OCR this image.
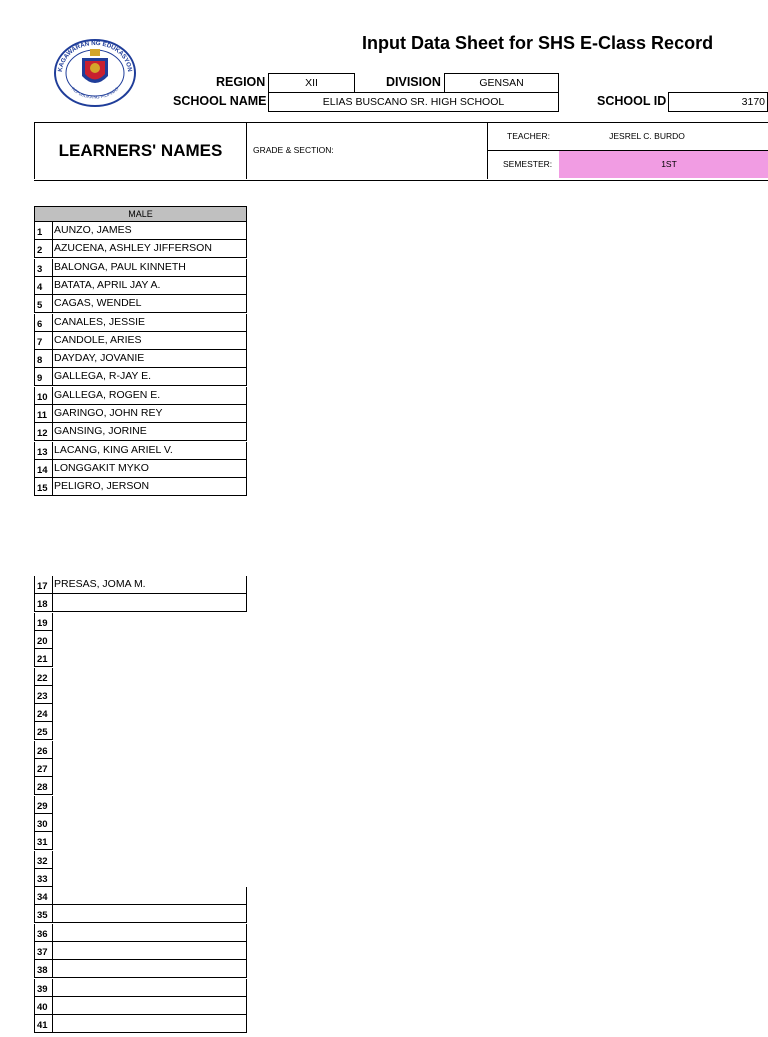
KAGAWARAN NG EDUKASYON
REPUBLIKA NG PILIPINAS
Input Data Sheet for SHS E-Class Record
REGION	XII	DIVISION	GENSAN
SCHOOL NAME	ELIAS BUSCANO SR. HIGH SCHOOL	SCHOOL ID	3170
LEARNERS' NAMES	GRADE & SECTION:
TEACHER:	JESREL C. BURDO
SEMESTER:	1ST
MALE
1	AUNZO, JAMES
2	AZUCENA, ASHLEY JIFFERSON
3	BALONGA, PAUL KINNETH
4	BATATA, APRIL JAY A.
5	CAGAS, WENDEL
6	CANALES, JESSIE
7	CANDOLE, ARIES
8	DAYDAY, JOVANIE
9	GALLEGA, R-JAY E.
10 GALLEGA, ROGEN E.
11 GARINGO, JOHN REY
12 GANSING, JORINE
13 LACANG, KING ARIEL V.
14 LONGGAKIT MYKO
15 PELIGRO, JERSON
17 PRESAS, JOMA M.
18
19
20
21
22
23
24
25
26
27
28
29
30
31
32
33
34
35
36
37
38
39
40
41
